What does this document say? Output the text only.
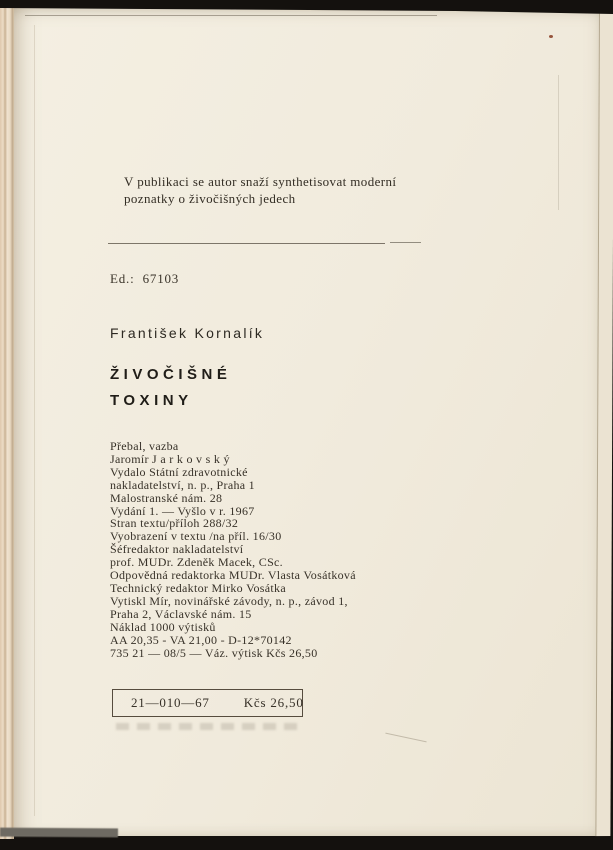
V publikaci se autor snaží synthetisovat moderní
poznatky o živočišných jedech
Ed.:  67103
František Kornalík
ŽIVOČIŠNÉ
TOXINY
Přebal, vazba
Jaromír J a r k o v s k ý
Vydalo Státní zdravotnické
nakladatelství, n. p., Praha 1
Malostranské nám. 28
Vydání 1. — Vyšlo v r. 1967
Stran textu/příloh 288/32
Vyobrazení v textu /na příl. 16/30
Šéfredaktor nakladatelství
prof. MUDr. Zdeněk Macek, CSc.
Odpovědná redaktorka MUDr. Vlasta Vosátková
Technický redaktor Mirko Vosátka
Vytiskl Mír, novinářské závody, n. p., závod 1,
Praha 2, Václavské nám. 15
Náklad 1000 výtisků
AA 20,35 - VA 21,00 - D-12*70142
735 21 — 08/5 — Váz. výtisk Kčs 26,50
21—010—67	Kčs 26,50
